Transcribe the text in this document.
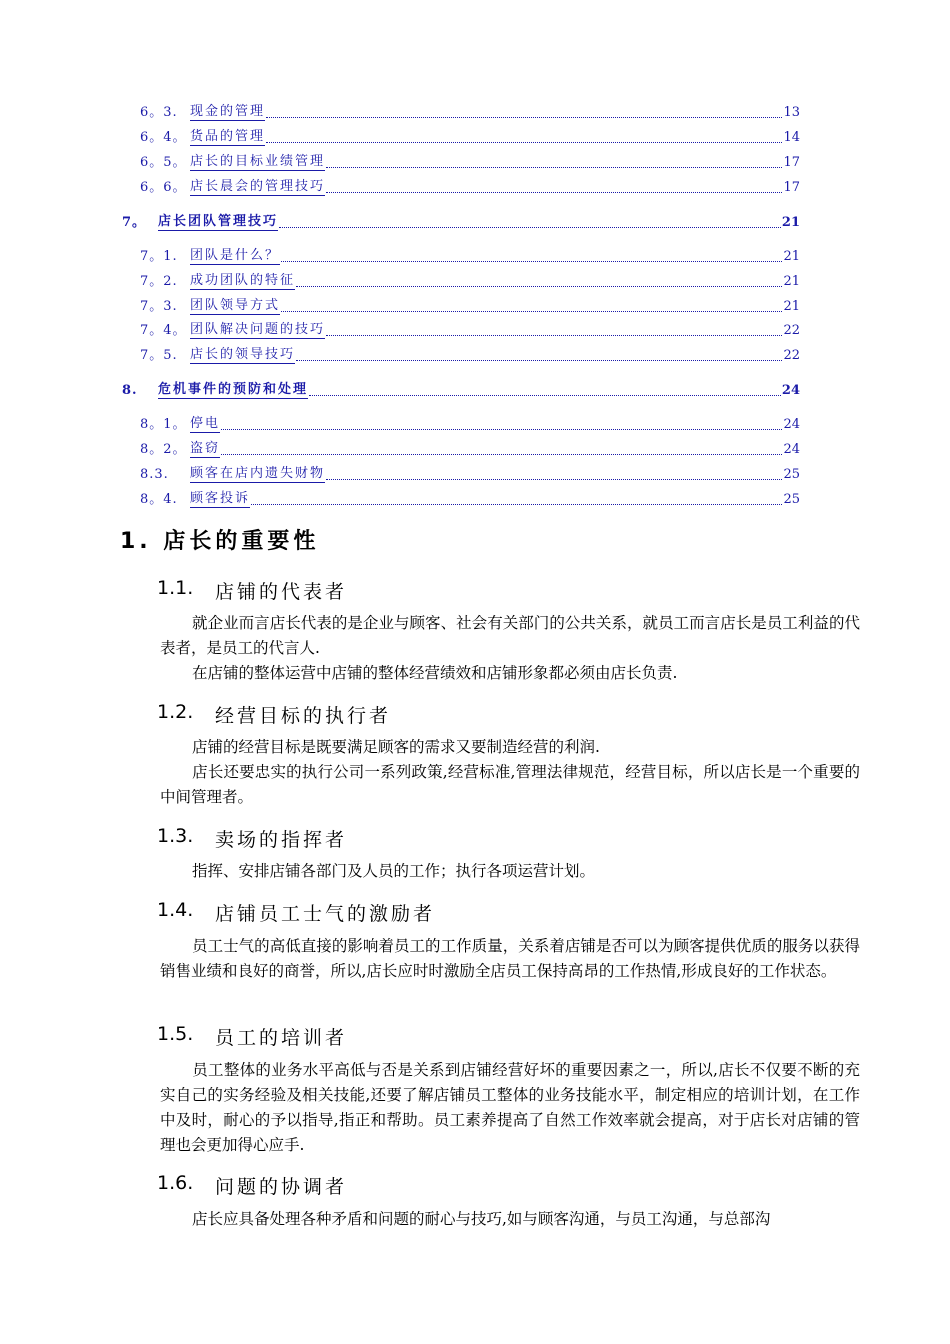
6。3. 现金的管理	13
6。4。 货品的管理	14
6。5。 店长的目标业绩管理	17
6。6。 店长晨会的管理技巧	17
7。 店长团队管理技巧	21
7。1. 团队是什么？	21
7。2. 成功团队的特征	21
7。3. 团队领导方式	21
7。4。 团队解决问题的技巧	22
7。5. 店长的领导技巧	22
8.	危机事件的预防和处理	24
8。1。 停电	24
8。2。 盗窃	24
8.3.	顾客在店内遗失财物	25
8。4. 顾客投诉	25
1. 店长的重要性
1.1.	店铺的代表者
就企业而言店长代表的是企业与顾客、社会有关部门的公共关系，就员工而言店长是员工利益的代表者，是员工的代言人.
在店铺的整体运营中店铺的整体经营绩效和店铺形象都必须由店长负责.
1.2.	经营目标的执行者
店铺的经营目标是既要满足顾客的需求又要制造经营的利润.
店长还要忠实的执行公司一系列政策,经营标准,管理法律规范，经营目标，所以店长是一个重要的中间管理者。
1.3.	卖场的指挥者
指挥、安排店铺各部门及人员的工作；执行各项运营计划。
1.4.	店铺员工士气的激励者
员工士气的高低直接的影响着员工的工作质量，关系着店铺是否可以为顾客提供优质的服务以获得销售业绩和良好的商誉，所以,店长应时时激励全店员工保持高昂的工作热情,形成良好的工作状态。
1.5.	员工的培训者
员工整体的业务水平高低与否是关系到店铺经营好坏的重要因素之一，所以,店长不仅要不断的充实自己的实务经验及相关技能,还要了解店铺员工整体的业务技能水平，制定相应的培训计划，在工作中及时，耐心的予以指导,指正和帮助。员工素养提高了自然工作效率就会提高，对于店长对店铺的管理也会更加得心应手.
1.6.	问题的协调者
店长应具备处理各种矛盾和问题的耐心与技巧,如与顾客沟通，与员工沟通，与总部沟
